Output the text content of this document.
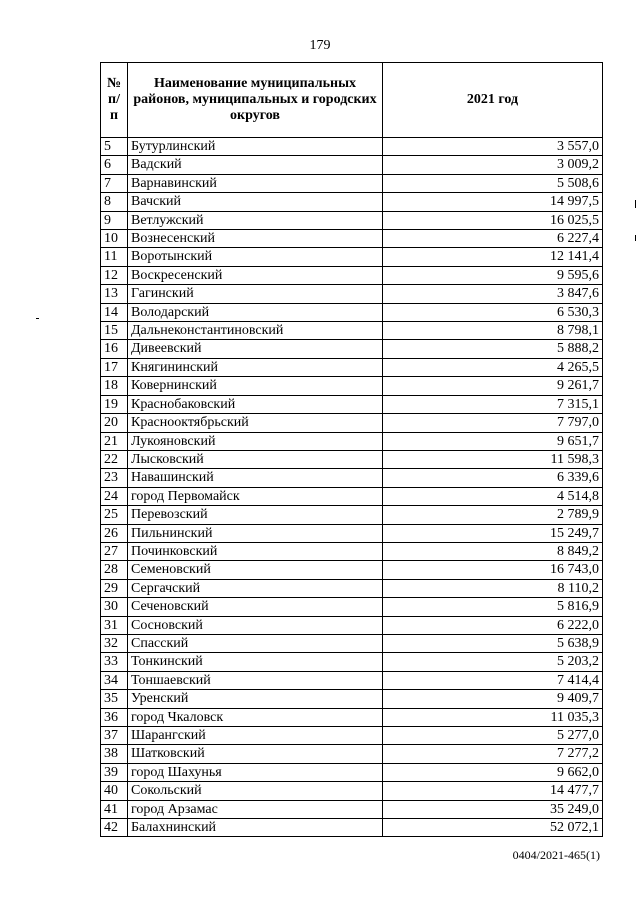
179
№ п/п	Наименование муниципальных районов, муниципальных и городских округов	2021 год
5	Бутурлинский	3 557,0
6	Вадский	3 009,2
7	Варнавинский	5 508,6
8	Вачский	14 997,5
9	Ветлужский	16 025,5
10	Вознесенский	6 227,4
11	Воротынский	12 141,4
12	Воскресенский	9 595,6
13	Гагинский	3 847,6
14	Володарский	6 530,3
15	Дальнеконстантиновский	8 798,1
16	Дивеевский	5 888,2
17	Княгининский	4 265,5
18	Ковернинский	9 261,7
19	Краснобаковский	7 315,1
20	Краснооктябрьский	7 797,0
21	Лукояновский	9 651,7
22	Лысковский	11 598,3
23	Навашинский	6 339,6
24	город Первомайск	4 514,8
25	Перевозский	2 789,9
26	Пильнинский	15 249,7
27	Починковский	8 849,2
28	Семеновский	16 743,0
29	Сергачский	8 110,2
30	Сеченовский	5 816,9
31	Сосновский	6 222,0
32	Спасский	5 638,9
33	Тонкинский	5 203,2
34	Тоншаевский	7 414,4
35	Уренский	9 409,7
36	город Чкаловск	11 035,3
37	Шарангский	5 277,0
38	Шатковский	7 277,2
39	город Шахунья	9 662,0
40	Сокольский	14 477,7
41	город Арзамас	35 249,0
42	Балахнинский	52 072,1
0404/2021-465(1)
